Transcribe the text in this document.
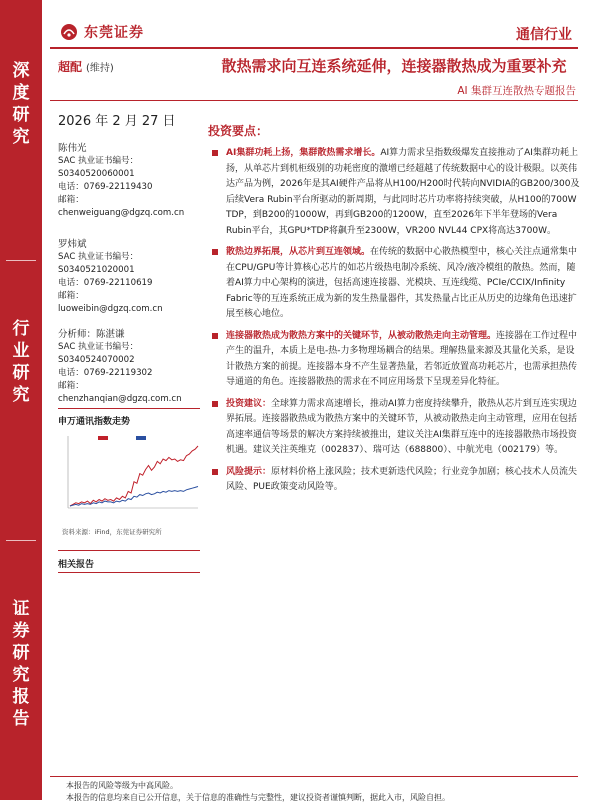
深
度
研
究
行
业
研
究
证
券
研
究
报
告
东莞证券	通信行业
超配 (维持)	散热需求向互连系统延伸，连接器散热成为重要补充
AI 集群互连散热专题报告
2026 年 2 月 27 日
陈伟光
SAC 执业证书编号：
S0340520060001
电话：0769-22119430
邮箱：
chenweiguang@dgzq.com.cn
罗炜斌
SAC 执业证书编号：
S0340521020001
电话：0769-22110619
邮箱：
luoweibin@dgzq.com.cn
分析师：陈湛谦
SAC 执业证书编号：
S0340524070002
电话：0769-22119302
邮箱：
chenzhanqian@dgzq.com.cn
申万通讯指数走势
资料来源：iFind，东莞证券研究所
相关报告
投资要点：
AI集群功耗上扬，集群散热需求增长。AI算力需求呈指数级爆发直接推动了AI集群功耗上扬，从单芯片到机柜级别的功耗密度的激增已经超越了传统数据中心的设计极限。以英伟达产品为例，2026年是其AI硬件产品将从H100/H200时代转向NVIDIA的GB200/300及后续Vera Rubin平台所驱动的新周期，与此同时芯片功率将持续突破，从H100的700W TDP，到B200的1000W，再到GB200的1200W，直至2026年下半年登场的Vera Rubin平台，其GPU*TDP将飙升至2300W，VR200 NVL44 CPX将高达3700W。
散热边界拓展，从芯片到互连领域。在传统的数据中心散热模型中，核心关注点通常集中在CPU/GPU等计算核心芯片的如芯片级热电制冷系统、风冷/液冷模组的散热。然而，随着AI算力中心架构的演进，包括高速连接器、光模块、互连线缆、PCIe/CCIX/Infinity Fabric等的互连系统正成为新的发生热量器件，其发热量占比正从历史的边缘角色迅速扩展至核心地位。
连接器散热成为散热方案中的关键环节，从被动散热走向主动管理。连接器在工作过程中产生的温升，本质上是电-热-力多物理场耦合的结果。理解热量来源及其量化关系，是设计散热方案的前提。连接器本身不产生显著热量，若邻近放置高功耗芯片，也需承担热传导通道的角色。连接器散热的需求在不同应用场景下呈现差异化特征。
投资建议：全球算力需求高速增长，推动AI算力密度持续攀升，散热从芯片到互连实现边界拓展。连接器散热成为散热方案中的关键环节，从被动散热走向主动管理，应用在包括高速率通信等场景的解决方案持续被推出，建议关注AI集群互连中的连接器散热市场投资机遇。建议关注英维克（002837）、瑞可达（688800）、中航光电（002179）等。
风险提示：原材料价格上涨风险；技术更新迭代风险；行业竞争加剧；核心技术人员流失风险、PUE政策变动风险等。
本报告的风险等级为中高风险。
本报告的信息均来自已公开信息，关于信息的准确性与完整性，建议投资者谨慎判断，据此入市，风险自担。
